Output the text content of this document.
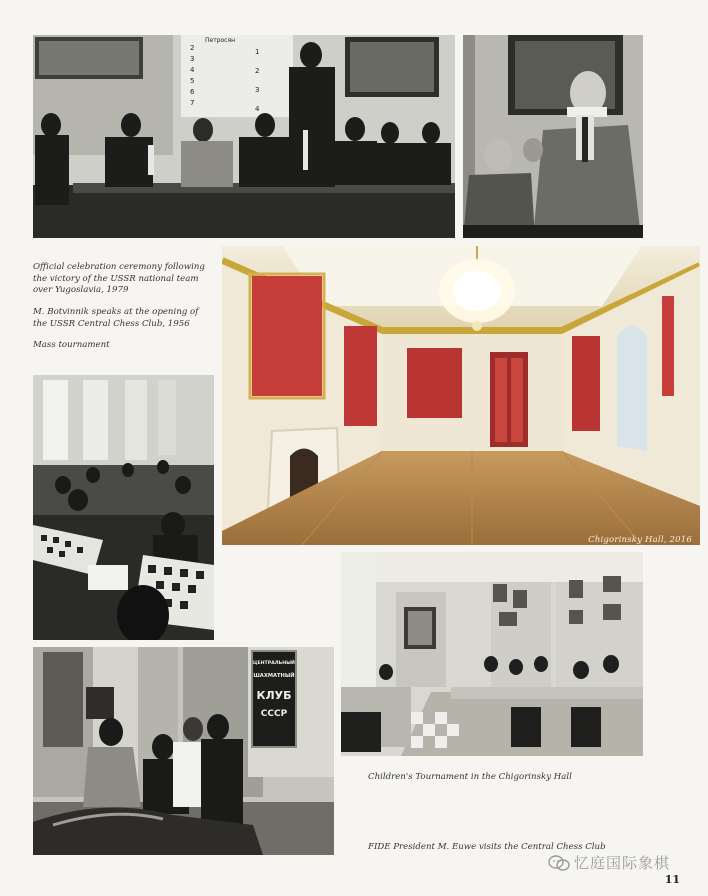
Петросян
2
3
4
5
6
7
1
2
3
4

Official celebration ceremony following the victory of the USSR national team over Yugoslavia, 1979

M. Botvinnik speaks at the opening of the USSR Central Chess Club, 1956

Mass tournament

Chigorinsky Hall, 2016
ЦЕНТРАЛЬНЫЙ
ШАХМАТНЫЙ
КЛУБ
СССР

Children's Tournament in the Chigorinsky Hall

FIDE President M. Euwe visits the Central Chess Club

忆庭国际象棋
11
